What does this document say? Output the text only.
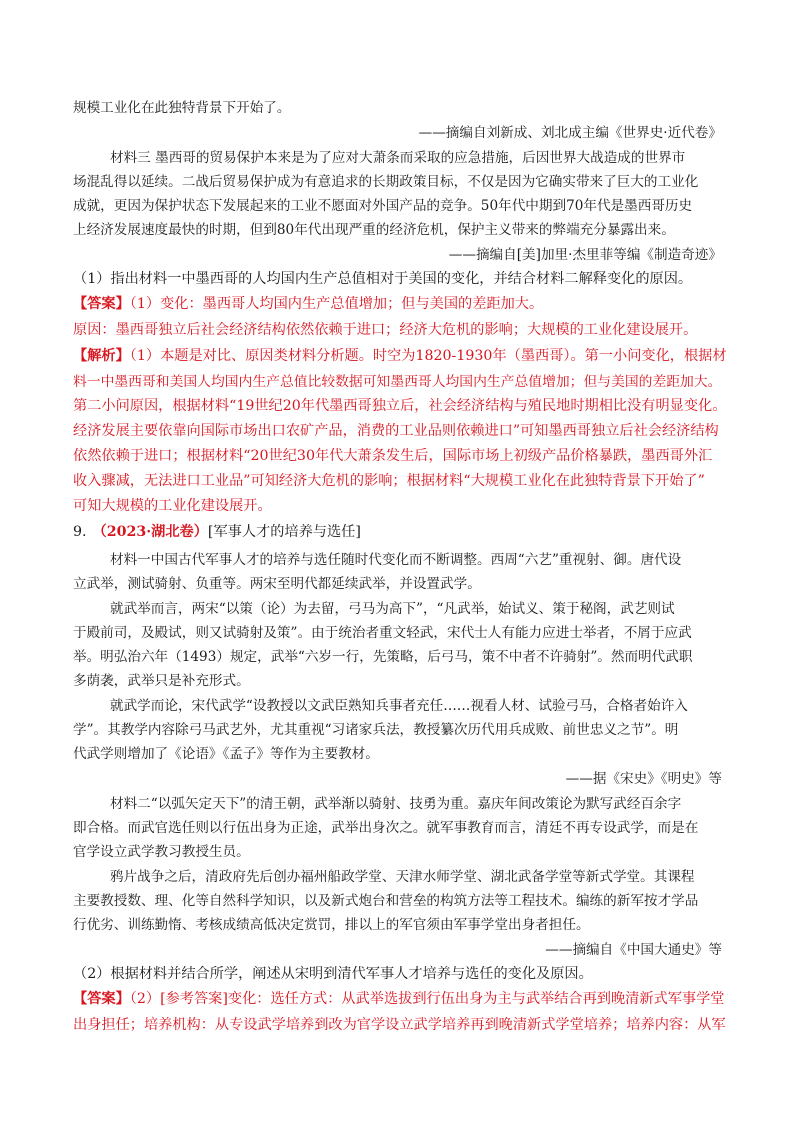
规模工业化在此独特背景下开始了。
——摘编自刘新成、刘北成主编《世界史·近代卷》
材料三 墨西哥的贸易保护本来是为了应对大萧条而采取的应急措施，后因世界大战造成的世界市
场混乱得以延续。二战后贸易保护成为有意追求的长期政策目标，不仅是因为它确实带来了巨大的工业化
成就，更因为保护状态下发展起来的工业不愿面对外国产品的竞争。50年代中期到70年代是墨西哥历史
上经济发展速度最快的时期，但到80年代出现严重的经济危机，保护主义带来的弊端充分暴露出来。
——摘编自[美]加里·杰里菲等编《制造奇迹》
（1）指出材料一中墨西哥的人均国内生产总值相对于美国的变化，并结合材料二解释变化的原因。
【答案】（1）变化：墨西哥人均国内生产总值增加；但与美国的差距加大。
原因：墨西哥独立后社会经济结构依然依赖于进口；经济大危机的影响；大规模的工业化建设展开。
【解析】（1）本题是对比、原因类材料分析题。时空为1820-1930年（墨西哥）。第一小问变化，根据材
料一中墨西哥和美国人均国内生产总值比较数据可知墨西哥人均国内生产总值增加；但与美国的差距加大。
第二小问原因，根据材料“19世纪20年代墨西哥独立后，社会经济结构与殖民地时期相比没有明显变化。
经济发展主要依靠向国际市场出口农矿产品，消费的工业品则依赖进口”可知墨西哥独立后社会经济结构
依然依赖于进口；根据材料“20世纪30年代大萧条发生后，国际市场上初级产品价格暴跌，墨西哥外汇
收入骤减，无法进口工业品”可知经济大危机的影响；根据材料“大规模工业化在此独特背景下开始了”
可知大规模的工业化建设展开。
9. （2023·湖北卷）[军事人才的培养与选任]
材料一中国古代军事人才的培养与选任随时代变化而不断调整。西周“六艺”重视射、御。唐代设
立武举，测试骑射、负重等。两宋至明代都延续武举，并设置武学。
就武举而言，两宋“以策（论）为去留，弓马为高下”，“凡武举，始试义、策于秘阁，武艺则试
于殿前司，及殿试，则又试骑射及策”。由于统治者重文轻武，宋代士人有能力应进士举者，不屑于应武
举。明弘治六年（1493）规定，武举“六岁一行，先策略，后弓马，策不中者不许骑射”。然而明代武职
多荫袭，武举只是补充形式。
就武学而论，宋代武学“设教授以文武臣熟知兵事者充任……视看人材、试验弓马，合格者始许入
学”。其教学内容除弓马武艺外，尤其重视“习诸家兵法，教授纂次历代用兵成败、前世忠义之节”。明
代武学则增加了《论语》《孟子》等作为主要教材。
——据《宋史》《明史》等
材料二“以弧矢定天下”的清王朝，武举渐以骑射、技勇为重。嘉庆年间改策论为默写武经百余字
即合格。而武官选任则以行伍出身为正途，武举出身次之。就军事教育而言，清廷不再专设武学，而是在
官学设立武学教习教授生员。
鸦片战争之后，清政府先后创办福州船政学堂、天津水师学堂、湖北武备学堂等新式学堂。其课程
主要教授数、理、化等自然科学知识，以及新式炮台和营垒的构筑方法等工程技术。编练的新军按才学品
行优劣、训练勤惰、考核成绩高低决定赏罚，排以上的军官须由军事学堂出身者担任。
——摘编自《中国大通史》等
（2）根据材料并结合所学，阐述从宋明到清代军事人才培养与选任的变化及原因。
【答案】（2）[参考答案]变化：选任方式：从武举选拔到行伍出身为主与武举结合再到晚清新式军事学堂
出身担任；培养机构：从专设武学培养到改为官学设立武学培养再到晚清新式学堂培养；培养内容：从军
